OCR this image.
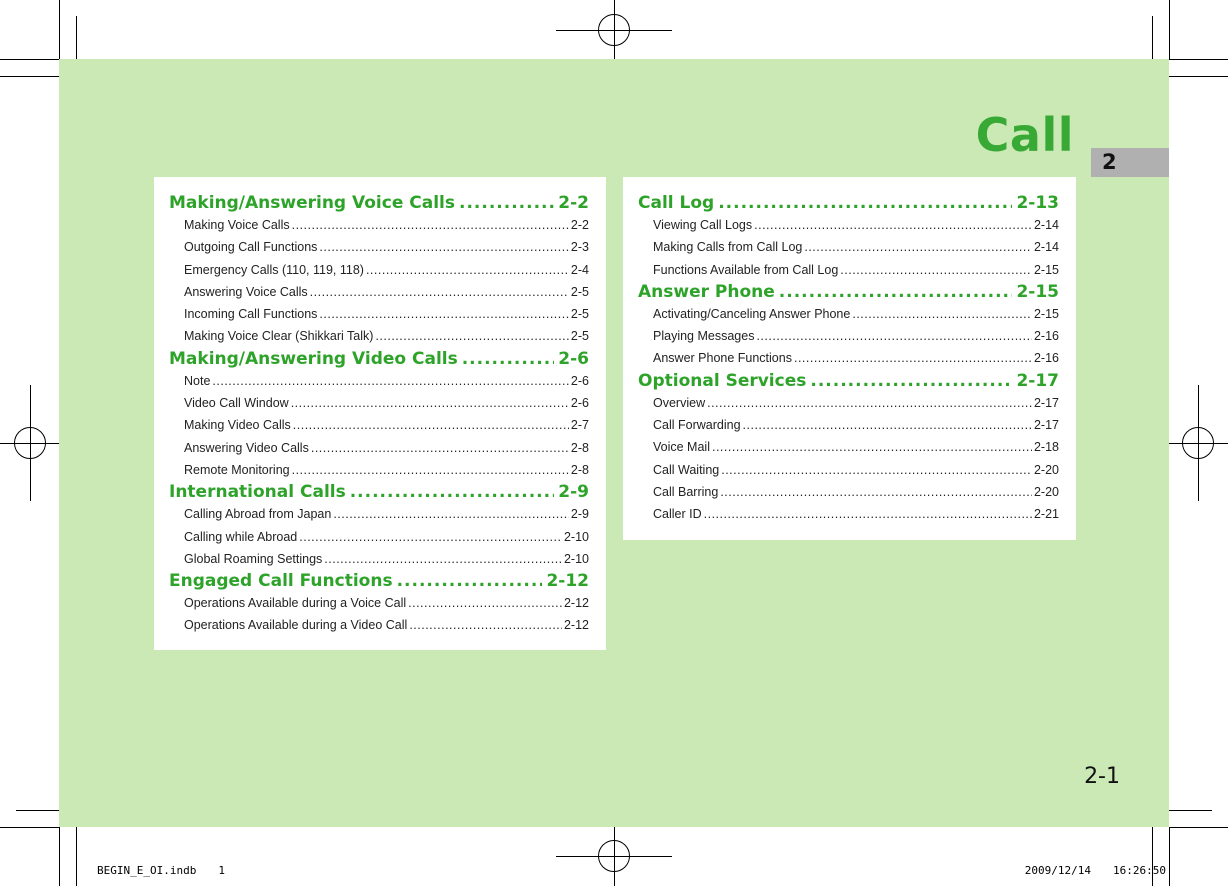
Call	2
Making/Answering Voice Calls .....	2-2
Making Voice Calls .....	2-2
Outgoing Call Functions .....	2-3
Emergency Calls (110, 119, 118) .....	2-4
Answering Voice Calls .....	2-5
Incoming Call Functions .....	2-5
Making Voice Clear (Shikkari Talk) .....	2-5
Making/Answering Video Calls .....	2-6
Note .....	2-6
Video Call Window .....	2-6
Making Video Calls .....	2-7
Answering Video Calls .....	2-8
Remote Monitoring .....	2-8
International Calls .....	2-9
Calling Abroad from Japan .....	2-9
Calling while Abroad .....	2-10
Global Roaming Settings .....	2-10
Engaged Call Functions .....	2-12
Operations Available during a Voice Call .....	2-12
Operations Available during a Video Call .....	2-12
Call Log .....	2-13
Viewing Call Logs .....	2-14
Making Calls from Call Log .....	2-14
Functions Available from Call Log .....	2-15
Answer Phone .....	2-15
Activating/Canceling Answer Phone .....	2-15
Playing Messages .....	2-16
Answer Phone Functions .....	2-16
Optional Services .....	2-17
Overview .....	2-17
Call Forwarding .....	2-17
Voice Mail .....	2-18
Call Waiting .....	2-20
Call Barring .....	2-20
Caller ID .....	2-21
2-1
BEGIN_E_OI.indb　　1	2009/12/14　　16:26:50
